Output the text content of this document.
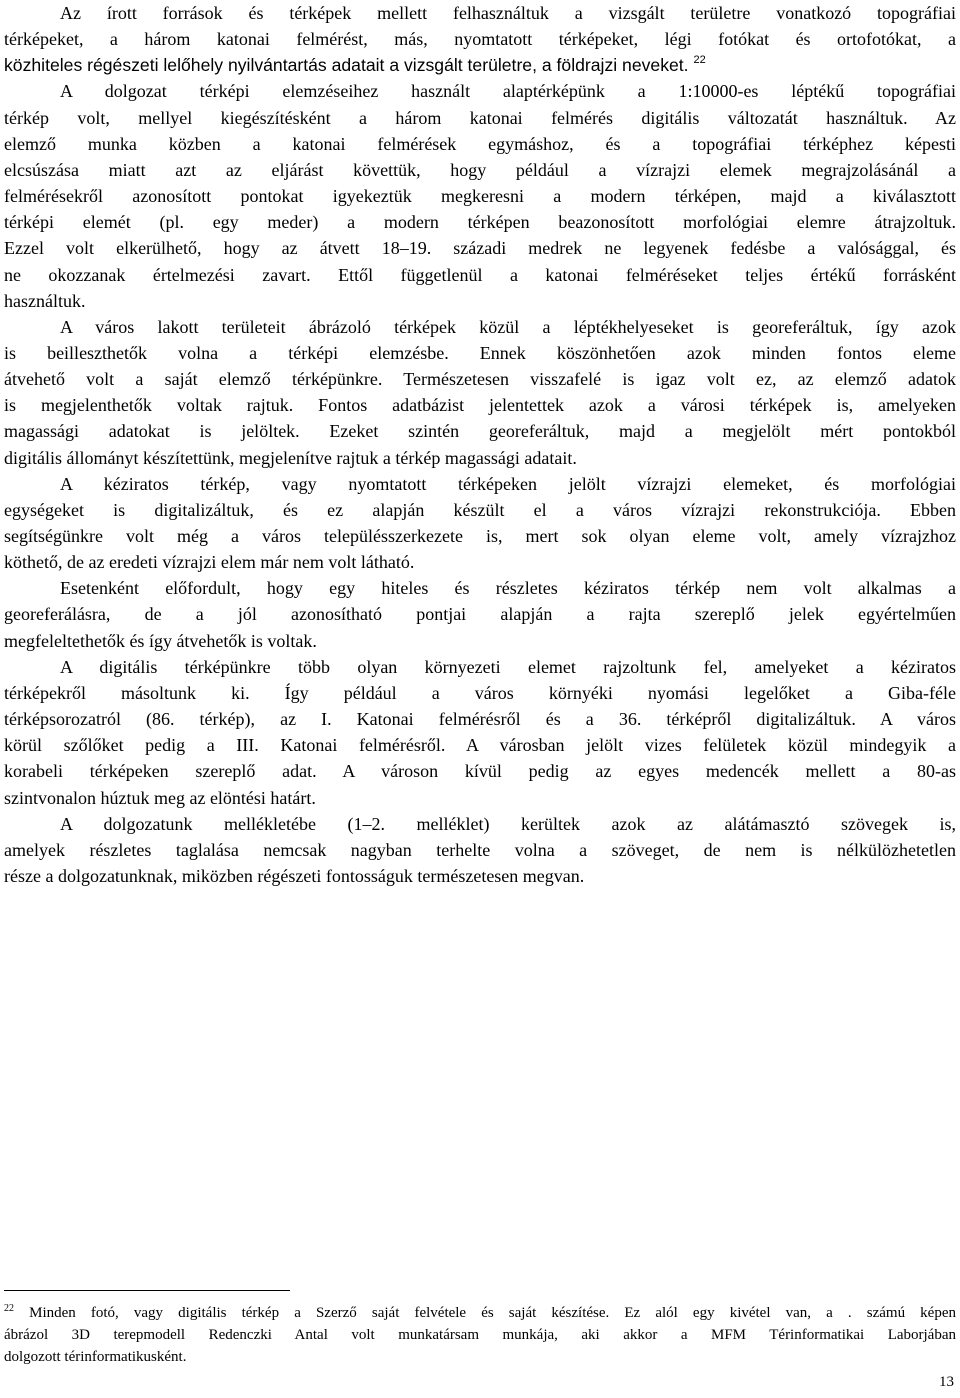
Az írott források és térképek mellett felhasználtuk a vizsgált területre vonatkozó topográfiai
térképeket, a három katonai felmérést, más, nyomtatott térképeket, légi fotókat és ortofotókat, a
közhiteles régészeti lelőhely nyilvántartás adatait a vizsgált területre, a földrajzi neveket. $^{22}$
A dolgozat térképi elemzéseihez használt alaptérképünk a 1:10000-es léptékű topográfiai
térkép volt, mellyel kiegészítésként a három katonai felmérés digitális változatát használtuk. Az
elemző munka közben a katonai felmérések egymáshoz, és a topográfiai térképhez képesti
elcsúszása miatt azt az eljárást követtük, hogy például a vízrajzi elemek megrajzolásánál a
felmérésekről azonosított pontokat igyekeztük megkeresni a modern térképen, majd a kiválasztott
térképi elemét (pl. egy meder) a modern térképen beazonosított morfológiai elemre átrajzoltuk.
Ezzel volt elkerülhető, hogy az átvett 18–19. századi medrek ne legyenek fedésbe a valósággal, és
ne okozzanak értelmezési zavart. Ettől függetlenül a katonai felméréseket teljes értékű forrásként
használtuk.
A város lakott területeit ábrázoló térképek közül a léptékhelyeseket is georeferáltuk, így azok
is beilleszthetők volna a térképi elemzésbe. Ennek köszönhetően azok minden fontos eleme
átvehető volt a saját elemző térképünkre. Természetesen visszafelé is igaz volt ez, az elemző adatok
is megjelenthetők voltak rajtuk. Fontos adatbázist jelentettek azok a városi térképek is, amelyeken
magassági adatokat is jelöltek. Ezeket szintén georeferáltuk, majd a megjelölt mért pontokból
digitális állományt készítettünk, megjelenítve rajtuk a térkép magassági adatait.
A kéziratos térkép, vagy nyomtatott térképeken jelölt vízrajzi elemeket, és morfológiai
egységeket is digitalizáltuk, és ez alapján készült el a város vízrajzi rekonstrukciója. Ebben
segítségünkre volt még a város településszerkezete is, mert sok olyan eleme volt, amely vízrajzhoz
köthető, de az eredeti vízrajzi elem már nem volt látható.
Esetenként előfordult, hogy egy hiteles és részletes kéziratos térkép nem volt alkalmas a
georeferálásra, de a jól azonosítható pontjai alapján a rajta szereplő jelek egyértelműen
megfeleltethetők és így átvehetők is voltak.
A digitális térképünkre több olyan környezeti elemet rajzoltunk fel, amelyeket a kéziratos
térképekről másoltunk ki. Így például a város környéki nyomási legelőket a Giba-féle
térképsorozatról (86. térkép), az I. Katonai felmérésről és a 36. térképről digitalizáltuk. A város
körül szőlőket pedig a III. Katonai felmérésről. A városban jelölt vizes felületek közül mindegyik a
korabeli térképeken szereplő adat. A városon kívül pedig az egyes medencék mellett a 80-as
szintvonalon húztuk meg az elöntési határt.
A dolgozatunk mellékletébe (1–2. melléklet) kerültek azok az alátámasztó szövegek is,
amelyek részletes taglalása nemcsak nagyban terhelte volna a szöveget, de nem is nélkülözhetetlen
része a dolgozatunknak, miközben régészeti fontosságuk természetesen megvan.
$^{22}$ Minden fotó, vagy digitális térkép a Szerző saját felvétele és saját készítése. Ez alól egy kivétel van, a . számú képen
ábrázol 3D terepmodell Redenczki Antal volt munkatársam munkája, aki akkor a MFM Térinformatikai Laborjában
dolgozott térinformatikusként.
13
